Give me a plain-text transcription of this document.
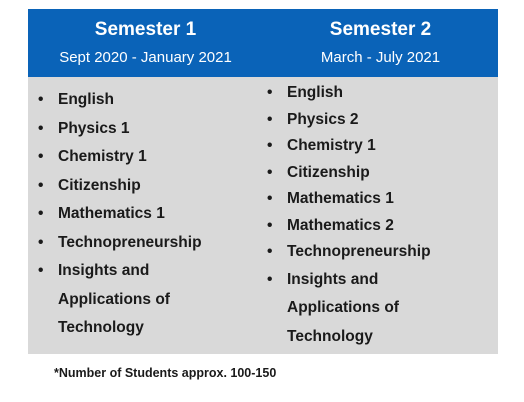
Semester 1
Sept 2020 - January 2021
Semester 2
March - July 2021
• English
• Physics 1
• Chemistry 1
• Citizenship
• Mathematics 1
• Technopreneurship
• Insights and
Applications of
Technology
• English
• Physics 2
• Chemistry 1
• Citizenship
• Mathematics 1
• Mathematics 2
• Technopreneurship
• Insights and
Applications of
Technology
*Number of Students approx. 100-150
